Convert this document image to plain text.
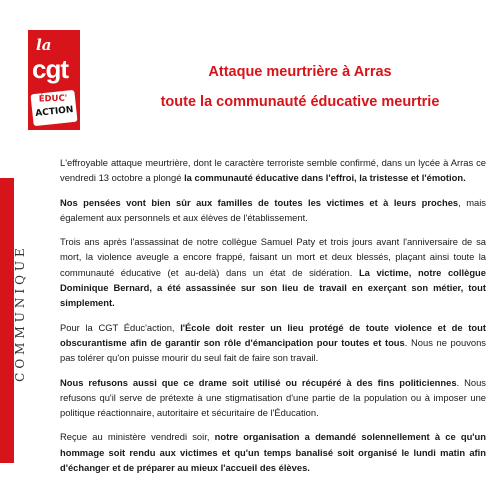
la
cgt
ÉDUC'
ACTION
COMMUNIQUE
Attaque meurtrière à Arras
toute la communauté éducative meurtrie

L'effroyable attaque meurtrière, dont le caractère terroriste semble confirmé, dans un lycée à Arras ce vendredi 13 octobre a plongé la communauté éducative dans l'effroi, la tristesse et l'émotion.

Nos pensées vont bien sûr aux familles de toutes les victimes et à leurs proches, mais également aux personnels et aux élèves de l'établissement.

Trois ans après l'assassinat de notre collègue Samuel Paty et trois jours avant l'anniversaire de sa mort, la violence aveugle a encore frappé, faisant un mort et deux blessés, plaçant ainsi toute la communauté éducative (et au-delà) dans un état de sidération. La victime, notre collègue Dominique Bernard, a été assassinée sur son lieu de travail en exerçant son métier, tout simplement.

Pour la CGT Éduc'action, l'École doit rester un lieu protégé de toute violence et de tout obscurantisme afin de garantir son rôle d'émancipation pour toutes et tous. Nous ne pouvons pas tolérer qu'on puisse mourir du seul fait de faire son travail.

Nous refusons aussi que ce drame soit utilisé ou récupéré à des fins politiciennes. Nous refusons qu'il serve de prétexte à une stigmatisation d'une partie de la population ou à imposer une politique réactionnaire, autoritaire et sécuritaire de l'Éducation.

Reçue au ministère vendredi soir, notre organisation a demandé solennellement à ce qu'un hommage soit rendu aux victimes et qu'un temps banalisé soit organisé le lundi matin afin d'échanger et de préparer au mieux l'accueil des élèves.
